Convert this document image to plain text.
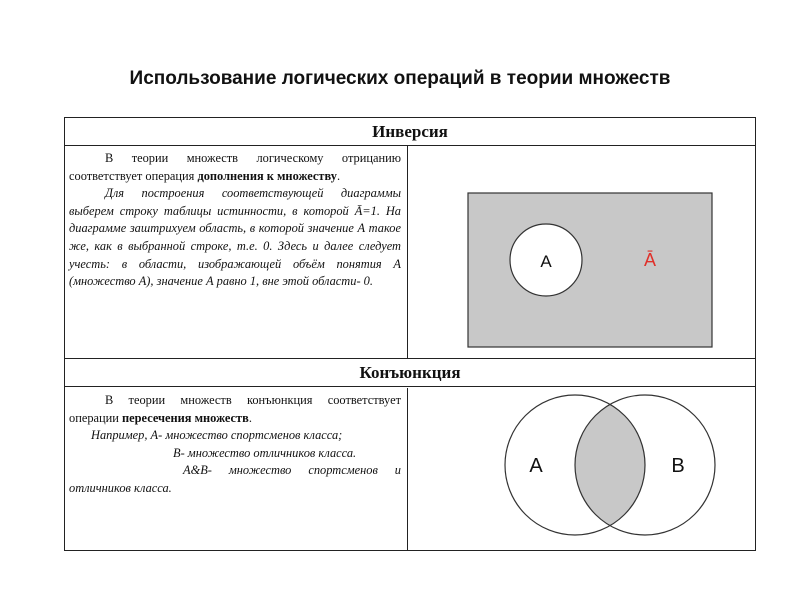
Использование логических операций в теории множеств
Инверсия

В теории множеств логическому отрицанию соответствует операция дополнения к множеству.

Для построения соответствующей диаграммы выберем строку таблицы истинности, в которой Ā=1. На диаграмме заштрихуем область, в которой значение А такое же, как в выбранной строке, т.е. 0. Здесь и далее следует учесть: в области, изображающей объём понятия А (множество А), значение А равно 1, вне этой области- 0.

A	Ā
Конъюнкция

В теории множеств конъюнкция соответствует операции пересечения множеств.

Например, А- множество спортсменов класса;

В- множество отличников класса.

А&В- множество спортсменов и отличников класса.

A	B
